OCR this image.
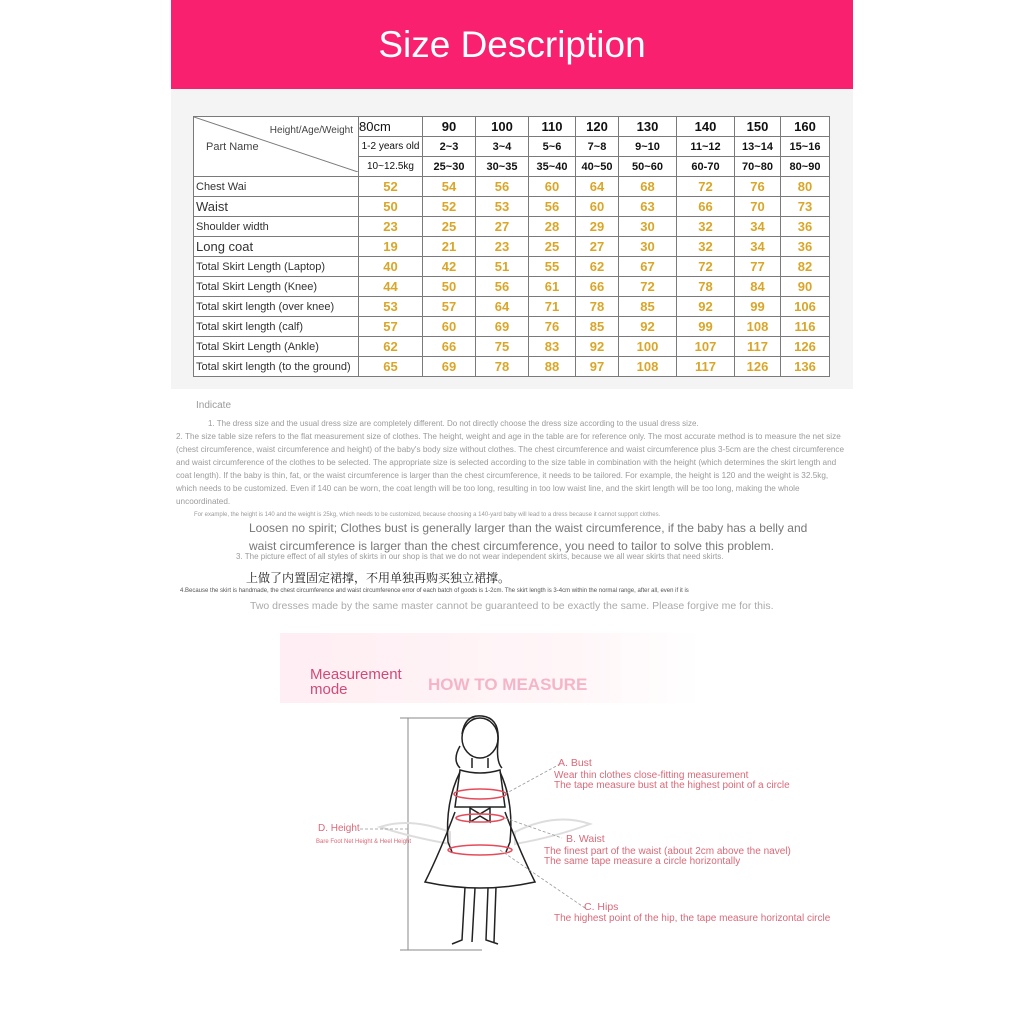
Size Description
Height/Age/Weight
Part Name	80cm	90	100	110	120	130	140	150	160
	1-2 years old	2~3	3~4	5~6	7~8	9~10	11~12	13~14	15~16
	10~12.5kg	25~30	30~35	35~40	40~50	50~60	60-70	70~80	80~90
Chest Wai	52	54	56	60	64	68	72	76	80
Waist	50	52	53	56	60	63	66	70	73
Shoulder width	23	25	27	28	29	30	32	34	36
Long coat	19	21	23	25	27	30	32	34	36
Total Skirt Length (Laptop)	40	42	51	55	62	67	72	77	82
Total Skirt Length (Knee)	44	50	56	61	66	72	78	84	90
Total skirt length (over knee)	53	57	64	71	78	85	92	99	106
Total skirt length (calf)	57	60	69	76	85	92	99	108	116
Total Skirt Length (Ankle)	62	66	75	83	92	100	107	117	126
Total skirt length (to the ground)	65	69	78	88	97	108	117	126	136
Indicate
1. The dress size and the usual dress size are completely different. Do not directly choose the dress size according to the usual dress size.
2. The size table size refers to the flat measurement size of clothes. The height, weight and age in the table are for reference only. The most accurate method is to measure the net size (chest circumference, waist circumference and height) of the baby's body size without clothes. The chest circumference and waist circumference plus 3-5cm are the chest circumference and waist circumference of the clothes to be selected. The appropriate size is selected according to the size table in combination with the height (which determines the skirt length and coat length). If the baby is thin, fat, or the waist circumference is larger than the chest circumference, it needs to be tailored. For example, the height is 120 and the weight is 32.5kg, which needs to be customized. Even if 140 can be worn, the coat length will be too long, resulting in too low waist line, and the skirt length will be too long, making the whole uncoordinated.
For example, the height is 140 and the weight is 25kg, which needs to be customized, because choosing a 140-yard baby will lead to a dress because it cannot support clothes.
Loosen no spirit; Clothes bust is generally larger than the waist circumference, if the baby has a belly and waist circumference is larger than the chest circumference, you need to tailor to solve this problem.
3. The picture effect of all styles of skirts in our shop is that we do not wear independent skirts, because we all wear skirts that need skirts.
上做了内置固定裙撑，不用单独再购买独立裙撑。
4.Because the skirt is handmade, the chest circumference and waist circumference error of each batch of goods is 1-2cm. The skirt length is 3-4cm within the normal range, after all, even if it is
Two dresses made by the same master cannot be guaranteed to be exactly the same. Please forgive me for this.
Measurement
mode	HOW TO MEASURE
A. Bust
Wear thin clothes close-fitting measurement
The tape measure bust at the highest point of a circle
B. Waist
The finest part of the waist (about 2cm above the navel)
The same tape measure a circle horizontally
C. Hips
The highest point of the hip, the tape measure horizontal circle
D. Height
Bare Foot Net Height & Heel Height
